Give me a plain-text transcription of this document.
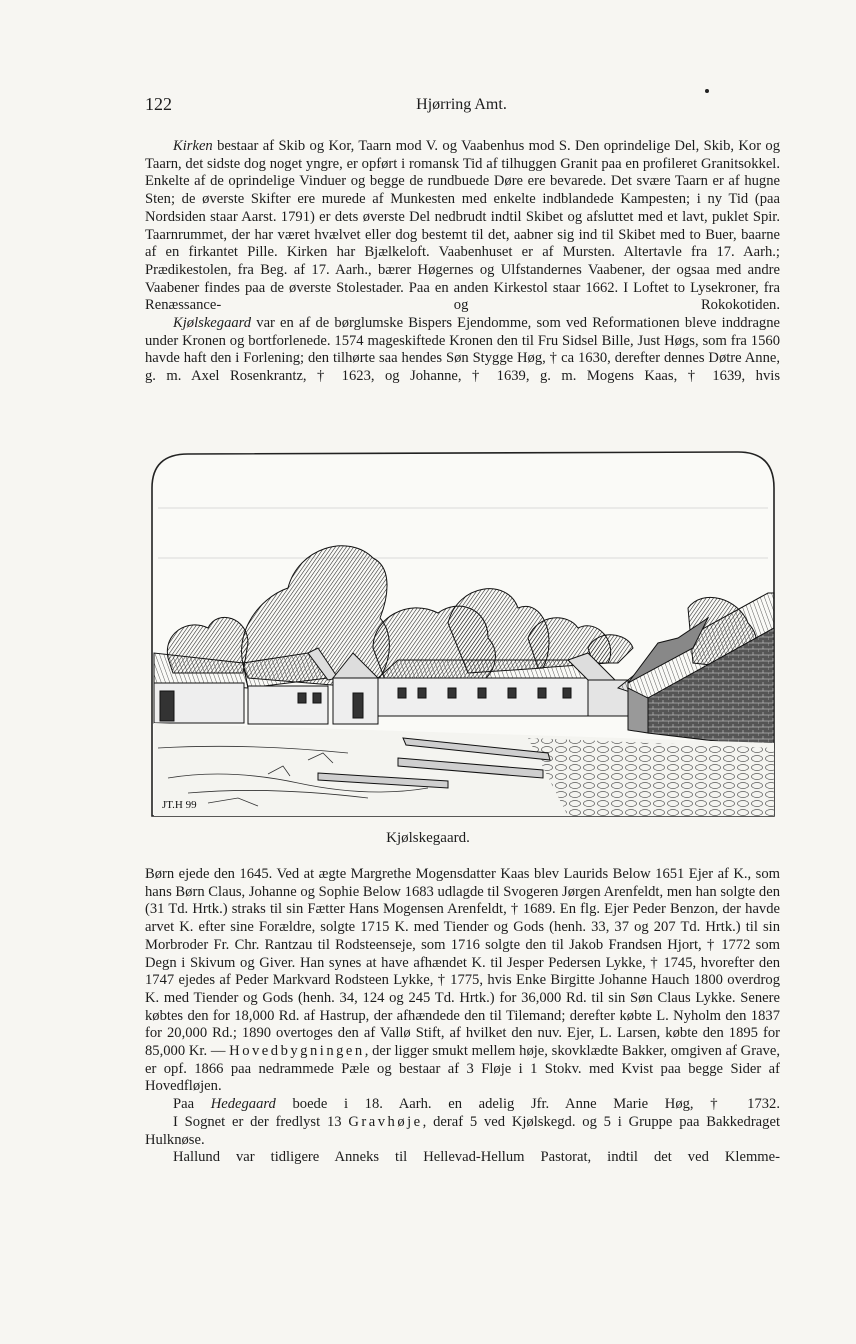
122	Hjørring Amt.

Kirken bestaar af Skib og Kor, Taarn mod V. og Vaabenhus mod S. Den oprindelige Del, Skib, Kor og Taarn, det sidste dog noget yngre, er opført i romansk Tid af tilhuggen Granit paa en profileret Granitsokkel. Enkelte af de oprindelige Vinduer og begge de rundbuede Døre ere bevarede. Det svære Taarn er af hugne Sten; de øverste Skifter ere murede af Munkesten med enkelte indblandede Kampesten; i ny Tid (paa Nordsiden staar Aarst. 1791) er dets øverste Del nedbrudt indtil Skibet og afsluttet med et lavt, puklet Spir. Taarnrummet, der har været hvælvet eller dog bestemt til det, aabner sig ind til Skibet med to Buer, baarne af en firkantet Pille. Kirken har Bjælkeloft. Vaabenhuset er af Mursten. Altertavle fra 17. Aarh.; Prædikestolen, fra Beg. af 17. Aarh., bærer Høgernes og Ulfstandernes Vaabener, der ogsaa med andre Vaabener findes paa de øverste Stolestader. Paa en anden Kirkestol staar 1662. I Loftet to Lysekroner, fra Renæssance- og Rokokotiden.

Kjølskegaard var en af de børglumske Bispers Ejendomme, som ved Reformationen bleve inddragne under Kronen og bortforlenede. 1574 mageskiftede Kronen den til Fru Sidsel Bille, Just Høgs, som fra 1560 havde haft den i Forlening; den tilhørte saa hendes Søn Stygge Høg, † ca 1630, derefter dennes Døtre Anne, g. m. Axel Rosenkrantz, † 1623, og Johanne, † 1639, g. m. Mogens Kaas, † 1639, hvis

JT.H 99
Kjølskegaard.

Børn ejede den 1645. Ved at ægte Margrethe Mogensdatter Kaas blev Laurids Below 1651 Ejer af K., som hans Børn Claus, Johanne og Sophie Below 1683 udlagde til Svogeren Jørgen Arenfeldt, men han solgte den (31 Td. Hrtk.) straks til sin Fætter Hans Mogensen Arenfeldt, † 1689. En flg. Ejer Peder Benzon, der havde arvet K. efter sine Forældre, solgte 1715 K. med Tiender og Gods (henh. 33, 37 og 207 Td. Hrtk.) til sin Morbroder Fr. Chr. Rantzau til Rodsteenseje, som 1716 solgte den til Jakob Frandsen Hjort, † 1772 som Degn i Skivum og Giver. Han synes at have afhændet K. til Jesper Pedersen Lykke, † 1745, hvorefter den 1747 ejedes af Peder Markvard Rodsteen Lykke, † 1775, hvis Enke Birgitte Johanne Hauch 1800 overdrog K. med Tiender og Gods (henh. 34, 124 og 245 Td. Hrtk.) for 36,000 Rd. til sin Søn Claus Lykke. Senere købtes den for 18,000 Rd. af Hastrup, der afhændede den til Tilemand; derefter købte L. Nyholm den 1837 for 20,000 Rd.; 1890 overtoges den af Vallø Stift, af hvilket den nuv. Ejer, L. Larsen, købte den 1895 for 85,000 Kr. — Hovedbygningen, der ligger smukt mellem høje, skovklædte Bakker, omgiven af Grave, er opf. 1866 paa nedrammede Pæle og bestaar af 3 Fløje i 1 Stokv. med Kvist paa begge Sider af Hovedfløjen.

Paa Hedegaard boede i 18. Aarh. en adelig Jfr. Anne Marie Høg, † 1732.

I Sognet er der fredlyst 13 Gravhøje, deraf 5 ved Kjølskegd. og 5 i Gruppe paa Bakkedraget Hulknøse.

Hallund var tidligere Anneks til Hellevad-Hellum Pastorat, indtil det ved Klemme-
